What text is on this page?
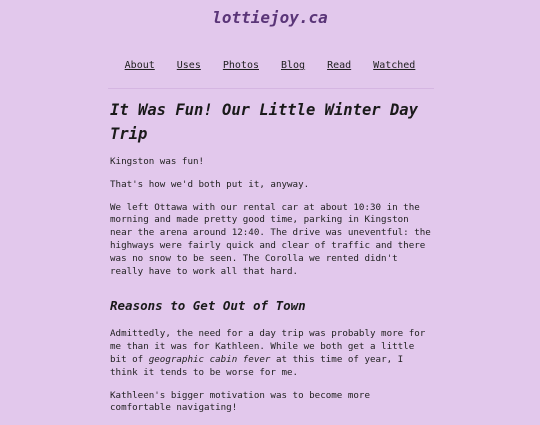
lottiejoy.ca
About Uses Photos Blog Read Watched
It Was Fun! Our Little Winter Day Trip

Kingston was fun!

That's how we'd both put it, anyway.

We left Ottawa with our rental car at about 10:30 in the morning and made pretty good time, parking in Kingston near the arena around 12:40. The drive was uneventful: the highways were fairly quick and clear of traffic and there was no snow to be seen. The Corolla we rented didn't really have to work all that hard.

Reasons to Get Out of Town

Admittedly, the need for a day trip was probably more for me than it was for Kathleen. While we both get a little bit of geographic cabin fever at this time of year, I think it tends to be worse for me.

Kathleen's bigger motivation was to become more comfortable navigating!
